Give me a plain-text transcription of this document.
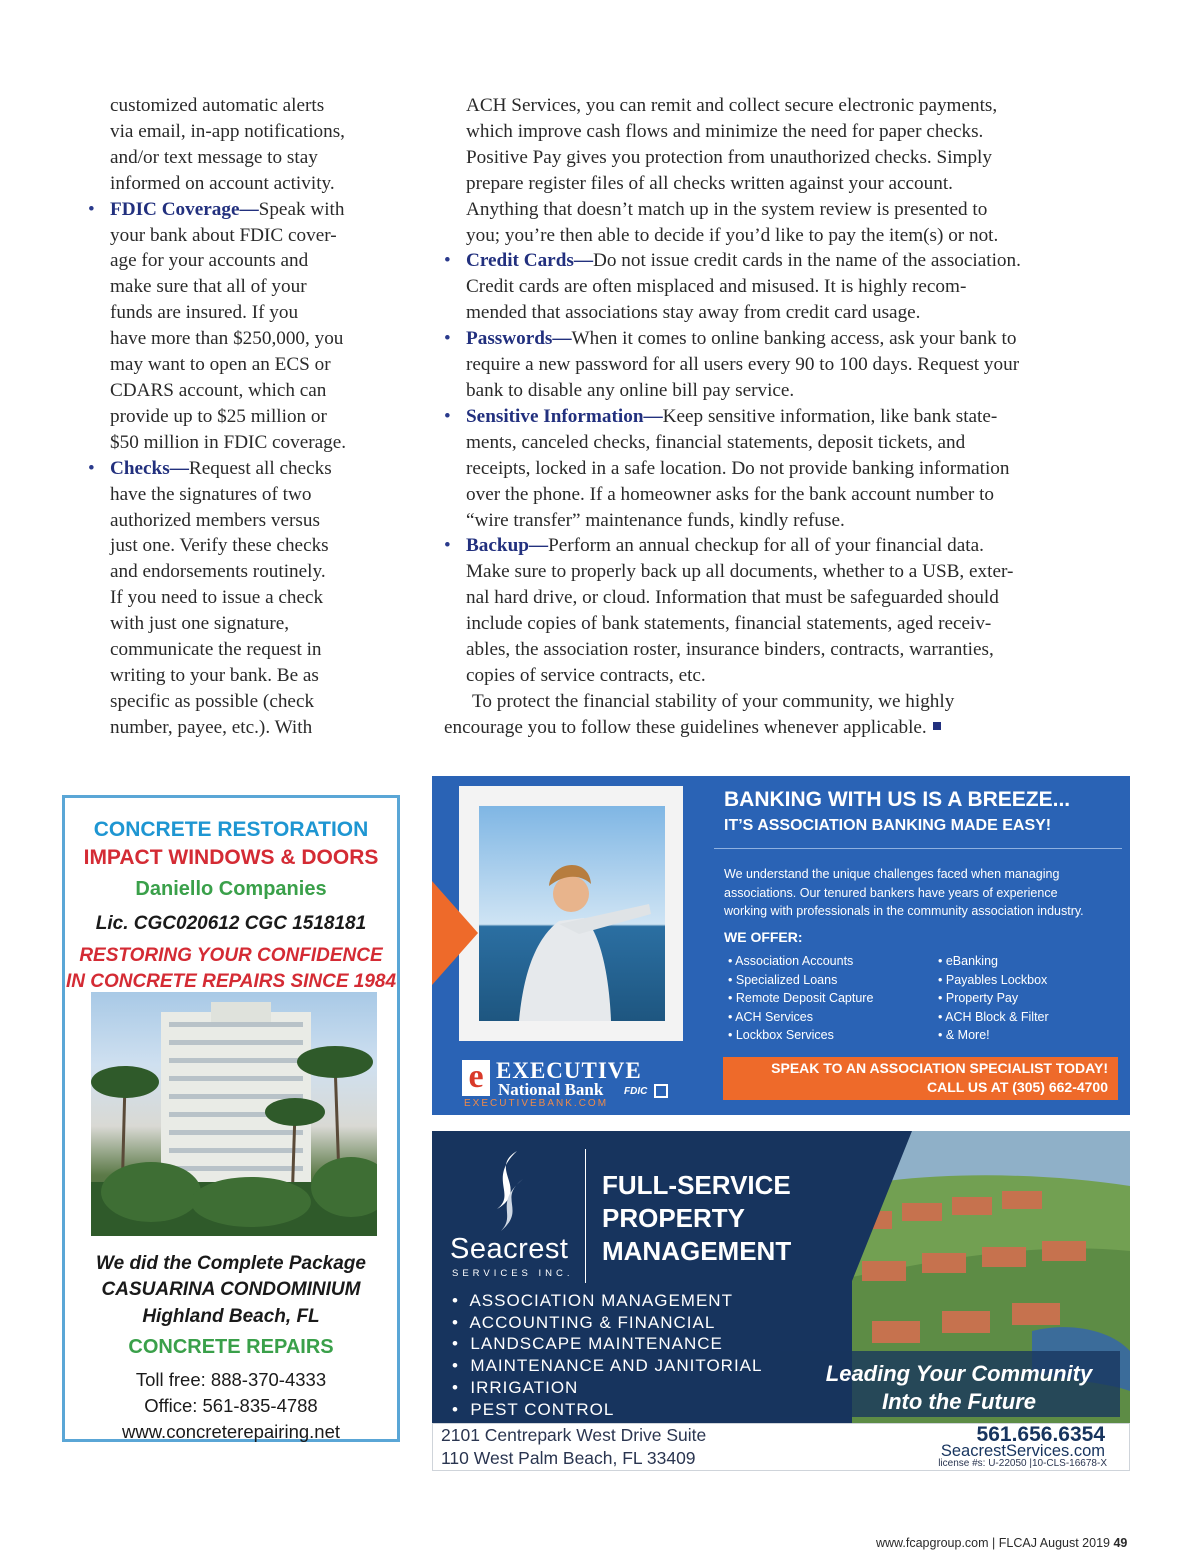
customized automatic alerts

via email, in-app notifications,

and/or text message to stay

informed on account activity.

• FDIC Coverage—Speak with

your bank about FDIC cover-

age for your accounts and

make sure that all of your

funds are insured. If you

have more than $250,000, you

may want to open an ECS or

CDARS account, which can

provide up to $25 million or

$50 million in FDIC coverage.

• Checks—Request all checks

have the signatures of two

authorized members versus

just one. Verify these checks

and endorsements routinely.

If you need to issue a check

with just one signature,

communicate the request in

writing to your bank. Be as

specific as possible (check

number, payee, etc.). With

ACH Services, you can remit and collect secure electronic payments,

which improve cash flows and minimize the need for paper checks.

Positive Pay gives you protection from unauthorized checks. Simply

prepare register files of all checks written against your account.

Anything that doesn’t match up in the system review is presented to

you; you’re then able to decide if you’d like to pay the item(s) or not.

• Credit Cards—Do not issue credit cards in the name of the association.

Credit cards are often misplaced and misused. It is highly recom-

mended that associations stay away from credit card usage.

• Passwords—When it comes to online banking access, ask your bank to

require a new password for all users every 90 to 100 days. Request your

bank to disable any online bill pay service.

• Sensitive Information—Keep sensitive information, like bank state-

ments, canceled checks, financial statements, deposit tickets, and

receipts, locked in a safe location. Do not provide banking information

over the phone. If a homeowner asks for the bank account number to

“wire transfer” maintenance funds, kindly refuse.

• Backup—Perform an annual checkup for all of your financial data.

Make sure to properly back up all documents, whether to a USB, exter-

nal hard drive, or cloud. Information that must be safeguarded should

include copies of bank statements, financial statements, aged receiv-

ables, the association roster, insurance binders, contracts, warranties,

copies of service contracts, etc.

To protect the financial stability of your community, we highly

encourage you to follow these guidelines whenever applicable.

CONCRETE RESTORATION
IMPACT WINDOWS & DOORS
Daniello Companies
Lic. CGC020612 CGC 1518181
RESTORING YOUR CONFIDENCE
IN CONCRETE REPAIRS SINCE 1984
We did the Complete Package
CASUARINA CONDOMINIUM
Highland Beach, FL
CONCRETE REPAIRS
Toll free: 888-370-4333
Office: 561-835-4788
www.concreterepairing.net
BANKING WITH US IS A BREEZE...
IT’S ASSOCIATION BANKING MADE EASY!
We understand the unique challenges faced when managing
associations. Our tenured bankers have years of experience
working with professionals in the community association industry.
WE OFFER:
• Association Accounts
• Specialized Loans
• Remote Deposit Capture
• ACH Services
• Lockbox Services
• eBanking
• Payables Lockbox
• Property Pay
• ACH Block & Filter
• & More!
SPEAK TO AN ASSOCIATION SPECIALIST TODAY!
CALL US AT (305) 662-4700
e EXECUTIVE
National Bank
EXECUTIVEBANK.COM
FDIC
Seacrest
SERVICES INC.
FULL-SERVICE
PROPERTY
MANAGEMENT
•  ASSOCIATION MANAGEMENT
•  ACCOUNTING & FINANCIAL
•  LANDSCAPE MAINTENANCE
•  MAINTENANCE AND JANITORIAL
•  IRRIGATION
•  PEST CONTROL
Leading Your Community
Into the Future
2101 Centrepark West Drive Suite
110 West Palm Beach, FL 33409
561.656.6354
SeacrestServices.com
license #s: U-22050 |10-CLS-16678-X
www.fcapgroup.com | FLCAJ August 2019 49
